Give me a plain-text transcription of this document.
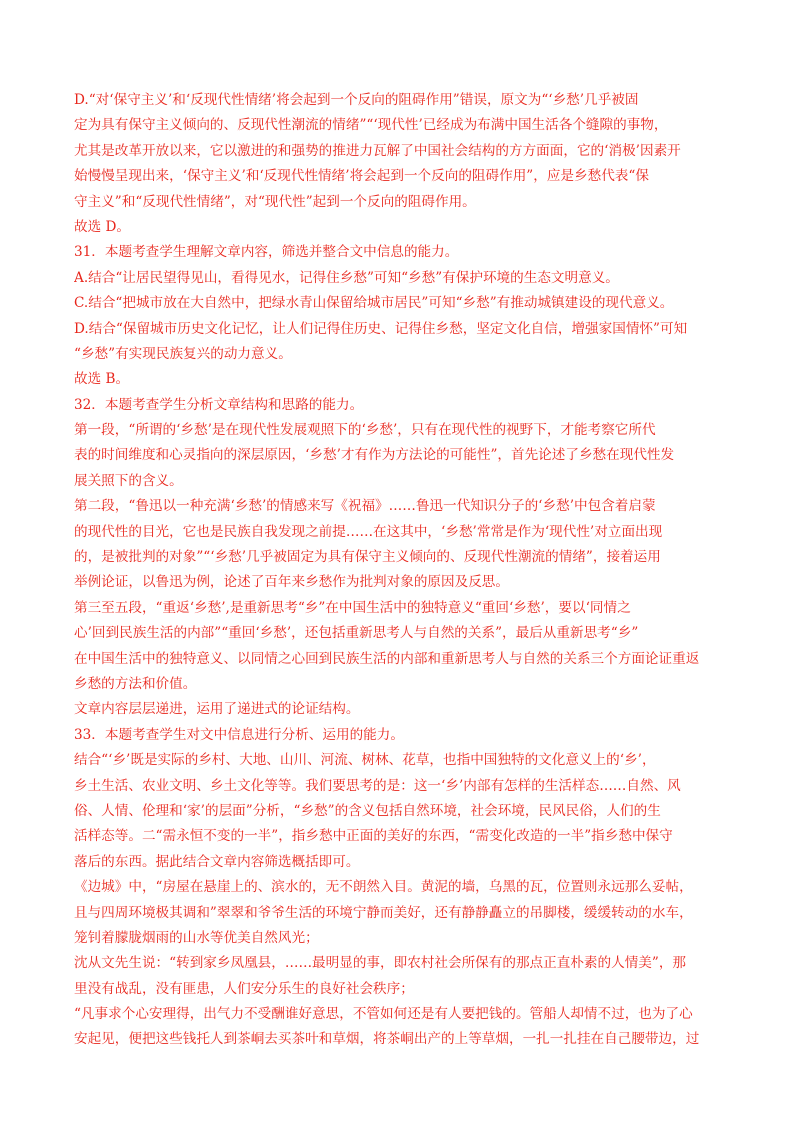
D.“对‘保守主义’和‘反现代性情绪’将会起到一个反向的阻碍作用”错误，原文为“‘乡愁’几乎被固
定为具有保守主义倾向的、反现代性潮流的情绪”“‘现代性’已经成为布满中国生活各个缝隙的事物，
尤其是改革开放以来，它以激进的和强势的推进力瓦解了中国社会结构的方方面面，它的‘消极’因素开
始慢慢呈现出来，‘保守主义’和‘反现代性情绪’将会起到一个反向的阻碍作用”，应是乡愁代表“保
守主义”和“反现代性情绪”，对“现代性”起到一个反向的阻碍作用。
故选 D。
31．本题考查学生理解文章内容，筛选并整合文中信息的能力。
A.结合“让居民望得见山，看得见水，记得住乡愁”可知“乡愁”有保护环境的生态文明意义。
C.结合“把城市放在大自然中，把绿水青山保留给城市居民”可知“乡愁”有推动城镇建设的现代意义。
D.结合“保留城市历史文化记忆，让人们记得住历史、记得住乡愁，坚定文化自信，增强家国情怀”可知
“乡愁”有实现民族复兴的动力意义。
故选 B。
32．本题考查学生分析文章结构和思路的能力。
第一段，“所谓的‘乡愁’是在现代性发展观照下的‘乡愁’，只有在现代性的视野下，才能考察它所代
表的时间维度和心灵指向的深层原因，‘乡愁’才有作为方法论的可能性”，首先论述了乡愁在现代性发
展关照下的含义。
第二段，“鲁迅以一种充满‘乡愁’的情感来写《祝福》……鲁迅一代知识分子的‘乡愁’中包含着启蒙
的现代性的目光，它也是民族自我发现之前提……在这其中，‘乡愁’常常是作为‘现代性’对立面出现
的，是被批判的对象”“‘乡愁’几乎被固定为具有保守主义倾向的、反现代性潮流的情绪”，接着运用
举例论证，以鲁迅为例，论述了百年来乡愁作为批判对象的原因及反思。
第三至五段，“重返‘乡愁’,是重新思考“乡”在中国生活中的独特意义“重回‘乡愁’，要以‘同情之
心’回到民族生活的内部”“重回‘乡愁’，还包括重新思考人与自然的关系”，最后从重新思考“乡”
在中国生活中的独特意义、以同情之心回到民族生活的内部和重新思考人与自然的关系三个方面论证重返
乡愁的方法和价值。
文章内容层层递进，运用了递进式的论证结构。
33．本题考查学生对文中信息进行分析、运用的能力。
结合“‘乡’既是实际的乡村、大地、山川、河流、树林、花草，也指中国独特的文化意义上的‘乡’，
乡土生活、农业文明、乡土文化等等。我们要思考的是：这一‘乡’内部有怎样的生活样态……自然、风
俗、人情、伦理和‘家’的层面”分析，“乡愁”的含义包括自然环境，社会环境，民风民俗，人们的生
活样态等。二“需永恒不变的一半”，指乡愁中正面的美好的东西，“需变化改造的一半”指乡愁中保守
落后的东西。据此结合文章内容筛选概括即可。
《边城》中，“房屋在悬崖上的、滨水的，无不朗然入目。黄泥的墙，乌黑的瓦，位置则永远那么妥帖，
且与四周环境极其调和”翠翠和爷爷生活的环境宁静而美好，还有静静矗立的吊脚楼，缓缓转动的水车，
笼钊着朦胧烟雨的山水等优美自然风光；
沈从文先生说：“转到家乡凤凰县，……最明显的事，即农村社会所保有的那点正直朴素的人情美”，那
里没有战乱，没有匪患，人们安分乐生的良好社会秩序；
“凡事求个心安理得，出气力不受酬谁好意思，不管如何还是有人要把钱的。管船人却情不过，也为了心
安起见，便把这些钱托人到茶峒去买茶叶和草烟，将茶峒出产的上等草烟，一扎一扎挂在自己腰带边，过
